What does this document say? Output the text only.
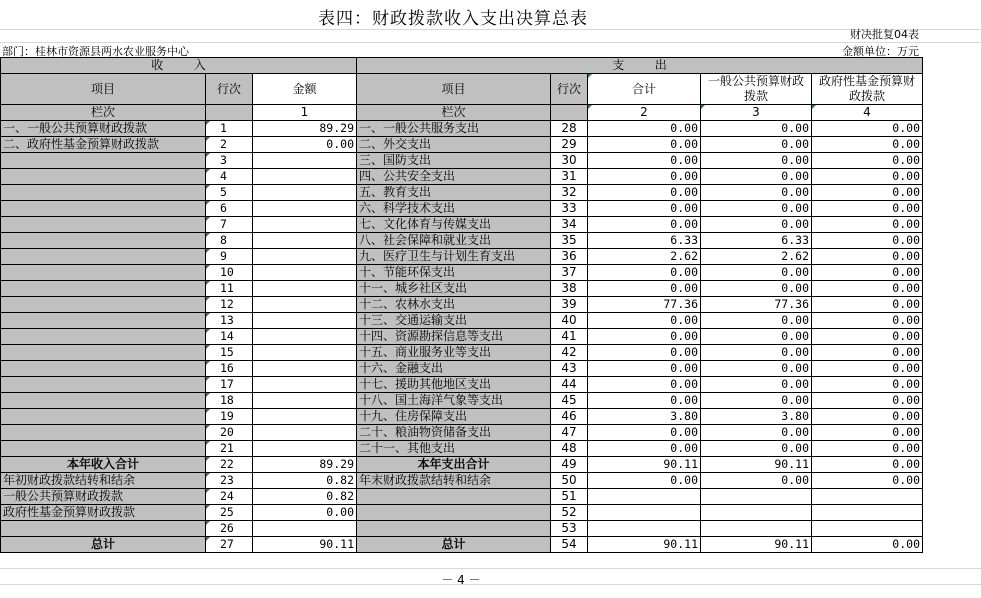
表四：财政拨款收入支出决算总表
财决批复04表
金额单位：万元
部门：桂林市资源县两水农业服务中心
收        入			支        出				
项目	行次	金额	项目	行次	合计	一般公共预算财政拨款	政府性基金预算财政拨款
栏次		1	栏次		2	3	4
一、一般公共预算财政拨款	1	89.29	一、一般公共服务支出	28	0.00	0.00	0.00
二、政府性基金预算财政拨款	2	0.00	二、外交支出	29	0.00	0.00	0.00
	3		三、国防支出	30	0.00	0.00	0.00
	4		四、公共安全支出	31	0.00	0.00	0.00
	5		五、教育支出	32	0.00	0.00	0.00
	6		六、科学技术支出	33	0.00	0.00	0.00
	7		七、文化体育与传媒支出	34	0.00	0.00	0.00
	8		八、社会保障和就业支出	35	6.33	6.33	0.00
	9		九、医疗卫生与计划生育支出	36	2.62	2.62	0.00
	10		十、节能环保支出	37	0.00	0.00	0.00
	11		十一、城乡社区支出	38	0.00	0.00	0.00
	12		十二、农林水支出	39	77.36	77.36	0.00
	13		十三、交通运输支出	40	0.00	0.00	0.00
	14		十四、资源勘探信息等支出	41	0.00	0.00	0.00
	15		十五、商业服务业等支出	42	0.00	0.00	0.00
	16		十六、金融支出	43	0.00	0.00	0.00
	17		十七、援助其他地区支出	44	0.00	0.00	0.00
	18		十八、国土海洋气象等支出	45	0.00	0.00	0.00
	19		十九、住房保障支出	46	3.80	3.80	0.00
	20		二十、粮油物资储备支出	47	0.00	0.00	0.00
	21		二十一、其他支出	48	0.00	0.00	0.00
本年收入合计	22	89.29	本年支出合计	49	90.11	90.11	0.00
年初财政拨款结转和结余	23	0.82	年末财政拨款结转和结余	50	0.00	0.00	0.00
一般公共预算财政拨款	24	0.82		51			
政府性基金预算财政拨款	25	0.00		52			
	26			53			
总计	27	90.11	总计	54	90.11	90.11	0.00
－ 4 －
